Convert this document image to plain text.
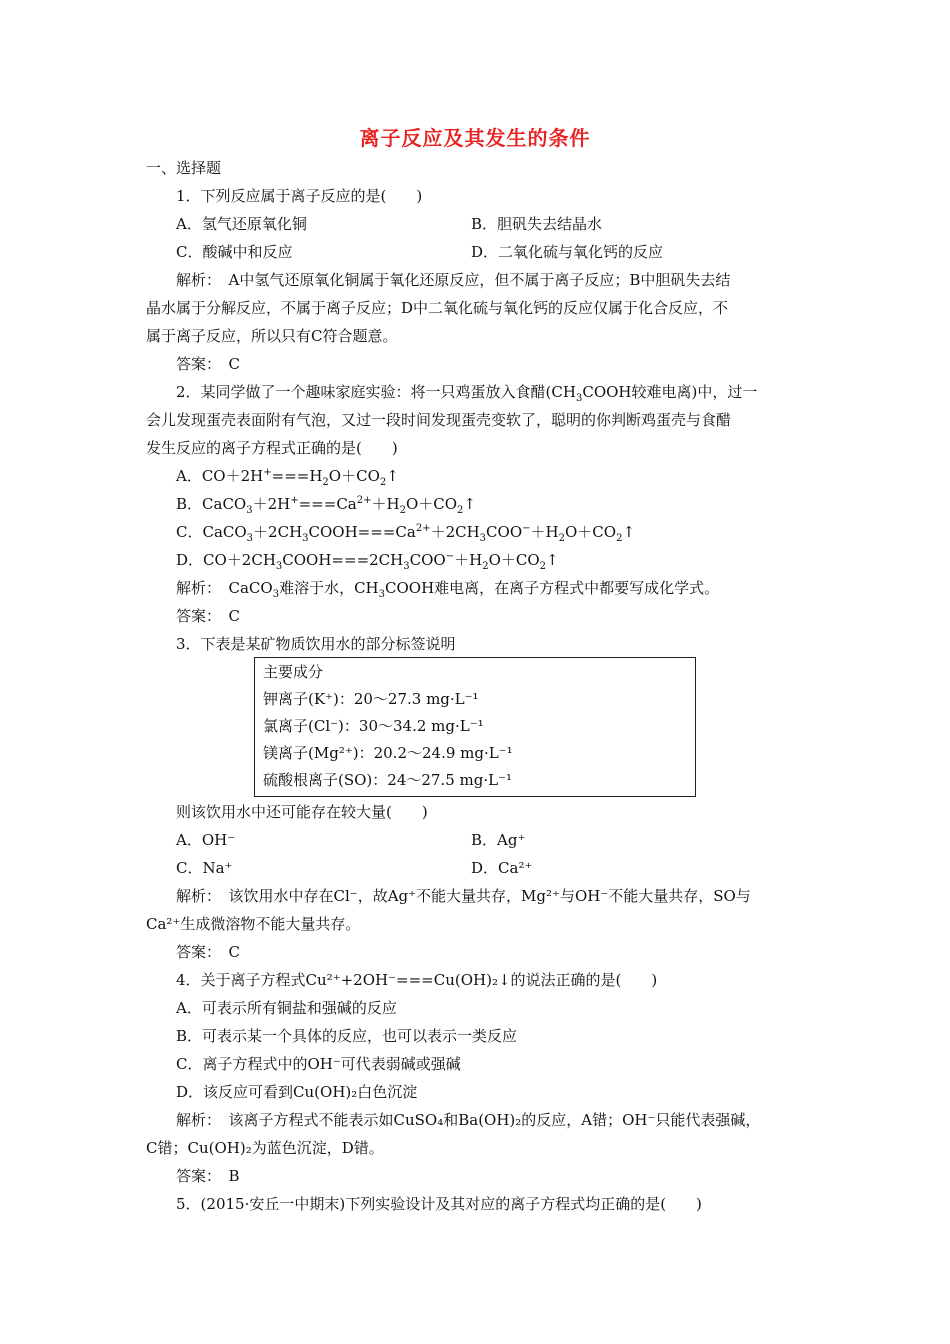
离子反应及其发生的条件
一、选择题
1．下列反应属于离子反应的是(　　)
A．氢气还原氧化铜	B．胆矾失去结晶水
C．酸碱中和反应	D．二氧化硫与氧化钙的反应
解析：　A中氢气还原氧化铜属于氧化还原反应，但不属于离子反应；B中胆矾失去结
晶水属于分解反应，不属于离子反应；D中二氧化硫与氧化钙的反应仅属于化合反应，不
属于离子反应，所以只有C符合题意。
答案：　C
2．某同学做了一个趣味家庭实验：将一只鸡蛋放入食醋($CH_3COOH$较难电离)中，过一
会儿发现蛋壳表面附有气泡，又过一段时间发现蛋壳变软了，聪明的你判断鸡蛋壳与食醋
发生反应的离子方程式正确的是(　　)
A．$CO+2H^+===H_2O+CO_2↑$
B．$CaCO_3+2H^+===Ca^{2+}+H_2O+CO_2↑$
C．$CaCO_3+2CH_3COOH===Ca^{2+}+2CH_3COO^-+H_2O+CO_2↑$
D．$CO+2CH_3COOH===2CH_3COO^-+H_2O+CO_2↑$
解析：　CaCO$_3$难溶于水，$CH_3COOH$难电离，在离子方程式中都要写成化学式。
答案：　C
3．下表是某矿物质饮用水的部分标签说明
主要成分
钾离子(K⁺)：20～27.3 mg·L⁻¹
氯离子(Cl⁻)：30～34.2 mg·L⁻¹
镁离子(Mg²⁺)：20.2～24.9 mg·L⁻¹
硫酸根离子(SO)：24～27.5 mg·L⁻¹
则该饮用水中还可能存在较大量(　　)
A．OH⁻	B．Ag⁺
C．Na⁺	D．Ca²⁺
解析：　该饮用水中存在Cl⁻，故Ag⁺不能大量共存，Mg²⁺与OH⁻不能大量共存，SO与
Ca²⁺生成微溶物不能大量共存。
答案：　C
4．关于离子方程式Cu²⁺+2OH⁻===Cu(OH)₂↓的说法正确的是(　　)
A．可表示所有铜盐和强碱的反应
B．可表示某一个具体的反应，也可以表示一类反应
C．离子方程式中的OH⁻可代表弱碱或强碱
D．该反应可看到Cu(OH)₂白色沉淀
解析：　该离子方程式不能表示如CuSO₄和Ba(OH)₂的反应，A错；OH⁻只能代表强碱，
C错；Cu(OH)₂为蓝色沉淀，D错。
答案：　B
5．(2015·安丘一中期末)下列实验设计及其对应的离子方程式均正确的是(　　)
